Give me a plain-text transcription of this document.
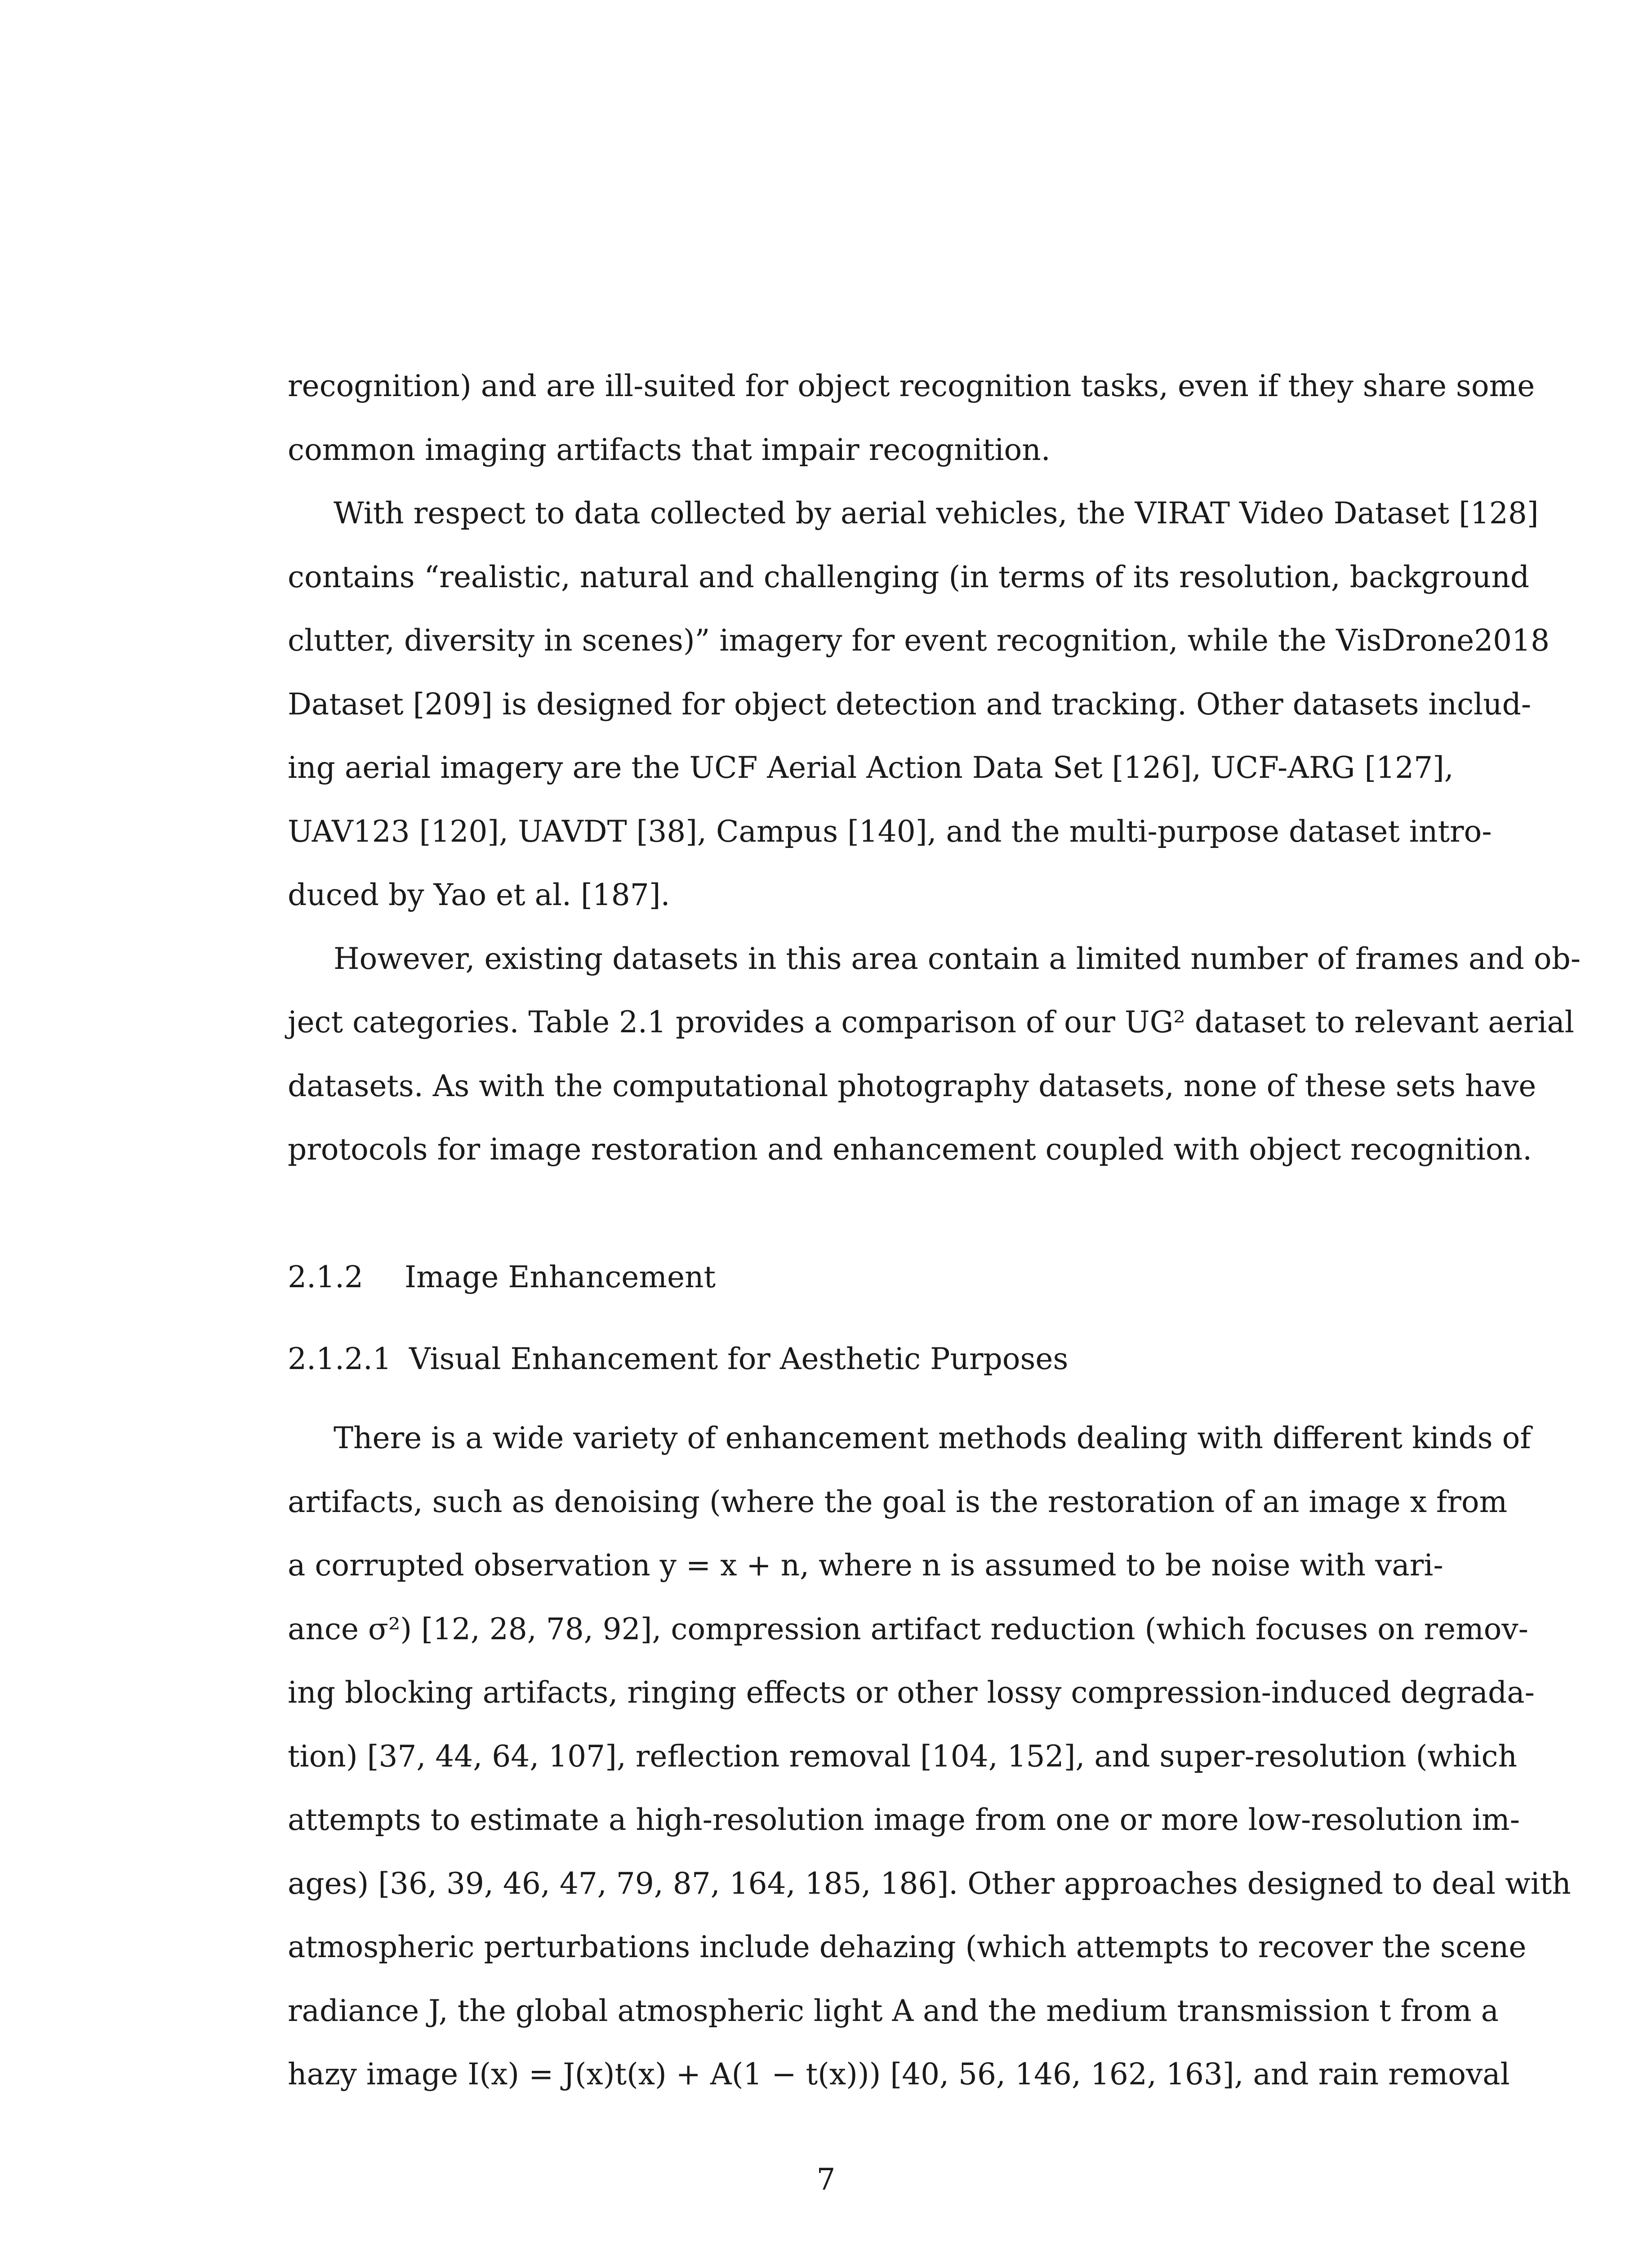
recognition) and are ill-suited for object recognition tasks, even if they share some
common imaging artifacts that impair recognition.
With respect to data collected by aerial vehicles, the VIRAT Video Dataset [128]
contains “realistic, natural and challenging (in terms of its resolution, background
clutter, diversity in scenes)” imagery for event recognition, while the VisDrone2018
Dataset [209] is designed for object detection and tracking. Other datasets includ-
ing aerial imagery are the UCF Aerial Action Data Set [126], UCF-ARG [127],
UAV123 [120], UAVDT [38], Campus [140], and the multi-purpose dataset intro-
duced by Yao et al. [187].
However, existing datasets in this area contain a limited number of frames and ob-
ject categories. Table 2.1 provides a comparison of our UG² dataset to relevant aerial
datasets. As with the computational photography datasets, none of these sets have
protocols for image restoration and enhancement coupled with object recognition.
2.1.2 Image Enhancement
2.1.2.1 Visual Enhancement for Aesthetic Purposes
There is a wide variety of enhancement methods dealing with different kinds of
artifacts, such as denoising (where the goal is the restoration of an image x from
a corrupted observation y = x + n, where n is assumed to be noise with vari-
ance σ²) [12, 28, 78, 92], compression artifact reduction (which focuses on remov-
ing blocking artifacts, ringing effects or other lossy compression-induced degrada-
tion) [37, 44, 64, 107], reflection removal [104, 152], and super-resolution (which
attempts to estimate a high-resolution image from one or more low-resolution im-
ages) [36, 39, 46, 47, 79, 87, 164, 185, 186]. Other approaches designed to deal with
atmospheric perturbations include dehazing (which attempts to recover the scene
radiance J, the global atmospheric light A and the medium transmission t from a
hazy image I(x) = J(x)t(x) + A(1 − t(x))) [40, 56, 146, 162, 163], and rain removal
7
